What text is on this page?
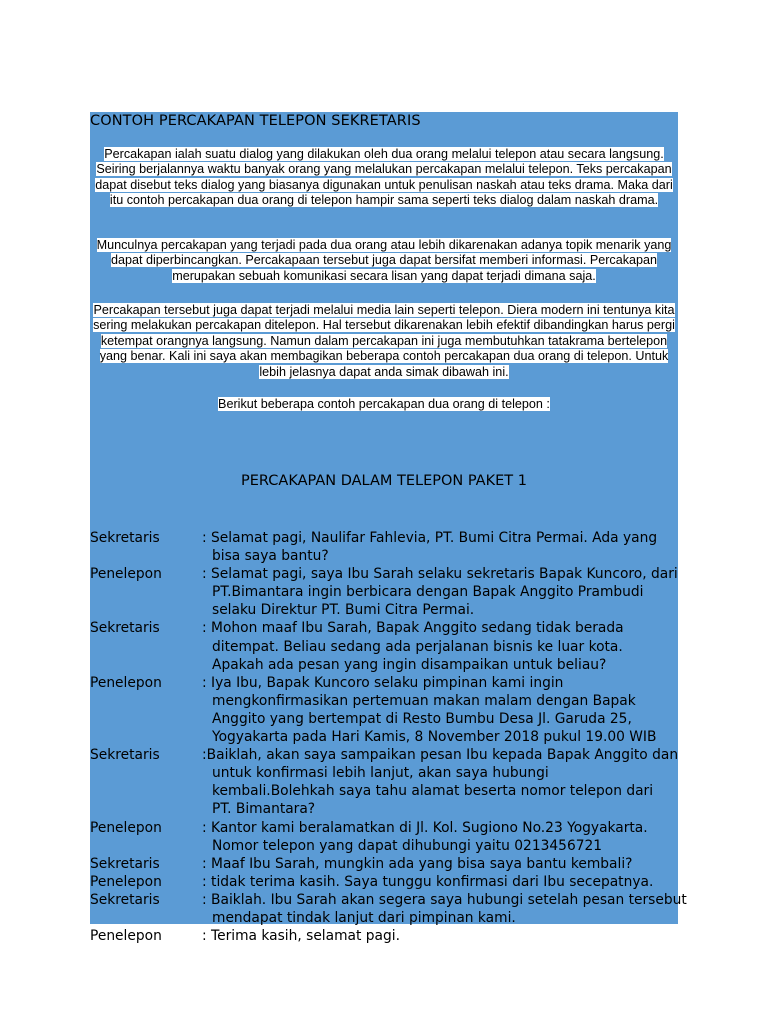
CONTOH PERCAKAPAN TELEPON SEKRETARIS
Percakapan ialah suatu dialog yang dilakukan oleh dua orang melalui telepon atau secara langsung. Seiring berjalannya waktu banyak orang yang melalukan percakapan melalui telepon. Teks percakapan dapat disebut teks dialog yang biasanya digunakan untuk penulisan naskah atau teks drama. Maka dari itu contoh percakapan dua orang di telepon hampir sama seperti teks dialog dalam naskah drama.
Munculnya percakapan yang terjadi pada dua orang atau lebih dikarenakan adanya topik menarik yang dapat diperbincangkan. Percakapaan tersebut juga dapat bersifat memberi informasi. Percakapan merupakan sebuah komunikasi secara lisan yang dapat terjadi dimana saja.
Percakapan tersebut juga dapat terjadi melalui media lain seperti telepon. Diera modern ini tentunya kita sering melakukan percakapan ditelepon. Hal tersebut dikarenakan lebih efektif dibandingkan harus pergi ketempat orangnya langsung. Namun dalam percakapan ini juga membutuhkan tatakrama bertelepon yang benar. Kali ini saya akan membagikan beberapa contoh percakapan dua orang di telepon. Untuk lebih jelasnya dapat anda simak dibawah ini.
Berikut beberapa contoh percakapan dua orang di telepon :
PERCAKAPAN DALAM TELEPON PAKET 1
Sekretaris	: Selamat pagi, Naulifar Fahlevia, PT. Bumi Citra Permai. Ada yang
bisa saya bantu?
Penelepon	: Selamat pagi, saya Ibu Sarah selaku sekretaris Bapak Kuncoro, dari
PT.Bimantara ingin berbicara dengan Bapak Anggito Prambudi selaku Direktur PT. Bumi Citra Permai.
Sekretaris	: Mohon maaf Ibu Sarah, Bapak Anggito sedang tidak berada
ditempat. Beliau sedang ada perjalanan bisnis ke luar kota. Apakah ada pesan yang ingin disampaikan untuk beliau?
Penelepon	: Iya Ibu, Bapak Kuncoro selaku pimpinan kami ingin
mengkonfirmasikan pertemuan makan malam dengan Bapak Anggito yang bertempat di Resto Bumbu Desa Jl. Garuda 25, Yogyakarta pada Hari Kamis, 8 November 2018 pukul 19.00 WIB
Sekretaris	:Baiklah, akan saya sampaikan pesan Ibu kepada Bapak Anggito dan
untuk konfirmasi lebih lanjut, akan saya hubungi kembali.Bolehkah saya tahu alamat beserta nomor telepon dari PT. Bimantara?
Penelepon	: Kantor kami beralamatkan di Jl. Kol. Sugiono No.23 Yogyakarta.
Nomor telepon yang dapat dihubungi yaitu 0213456721
Sekretaris	: Maaf Ibu Sarah, mungkin ada yang bisa saya bantu kembali?
Penelepon	: tidak terima kasih. Saya tunggu konfirmasi dari Ibu secepatnya.
Sekretaris	: Baiklah. Ibu Sarah akan segera saya hubungi setelah pesan tersebut
mendapat tindak lanjut dari pimpinan kami.
Penelepon	: Terima kasih, selamat pagi.
